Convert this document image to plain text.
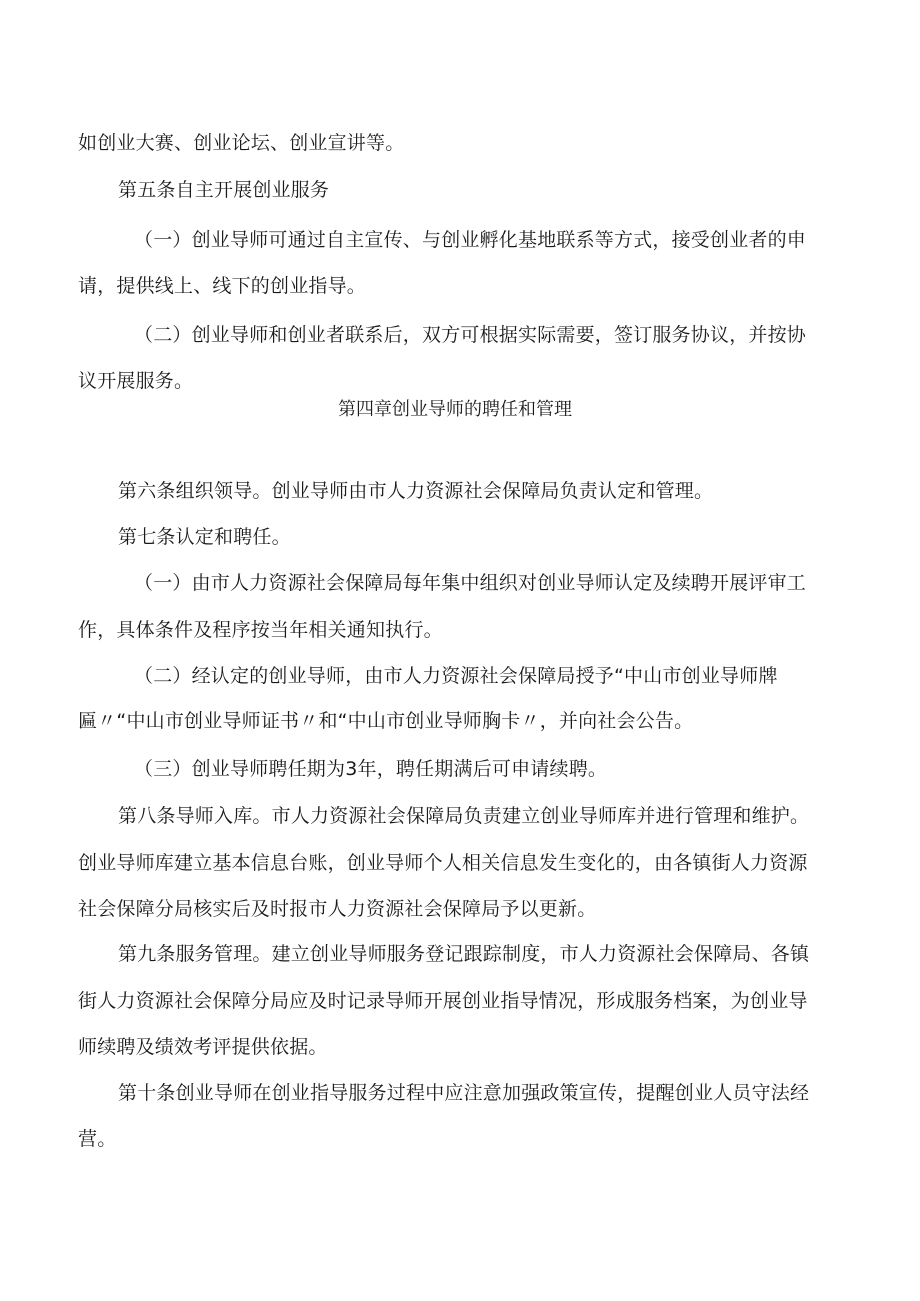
如创业大赛、创业论坛、创业宣讲等。
第五条自主开展创业服务
（一）创业导师可通过自主宣传、与创业孵化基地联系等方式，接受创业者的申
请，提供线上、线下的创业指导。
（二）创业导师和创业者联系后，双方可根据实际需要，签订服务协议，并按协
议开展服务。
第四章创业导师的聘任和管理
第六条组织领导。创业导师由市人力资源社会保障局负责认定和管理。
第七条认定和聘任。
（一）由市人力资源社会保障局每年集中组织对创业导师认定及续聘开展评审工
作，具体条件及程序按当年相关通知执行。
（二）经认定的创业导师，由市人力资源社会保障局授予“中山市创业导师牌
匾〃“中山市创业导师证书〃和“中山市创业导师胸卡〃，并向社会公告。
（三）创业导师聘任期为3年，聘任期满后可申请续聘。
第八条导师入库。市人力资源社会保障局负责建立创业导师库并进行管理和维护。
创业导师库建立基本信息台账，创业导师个人相关信息发生变化的，由各镇街人力资源
社会保障分局核实后及时报市人力资源社会保障局予以更新。
第九条服务管理。建立创业导师服务登记跟踪制度，市人力资源社会保障局、各镇
街人力资源社会保障分局应及时记录导师开展创业指导情况，形成服务档案，为创业导
师续聘及绩效考评提供依据。
第十条创业导师在创业指导服务过程中应注意加强政策宣传，提醒创业人员守法经
营。
